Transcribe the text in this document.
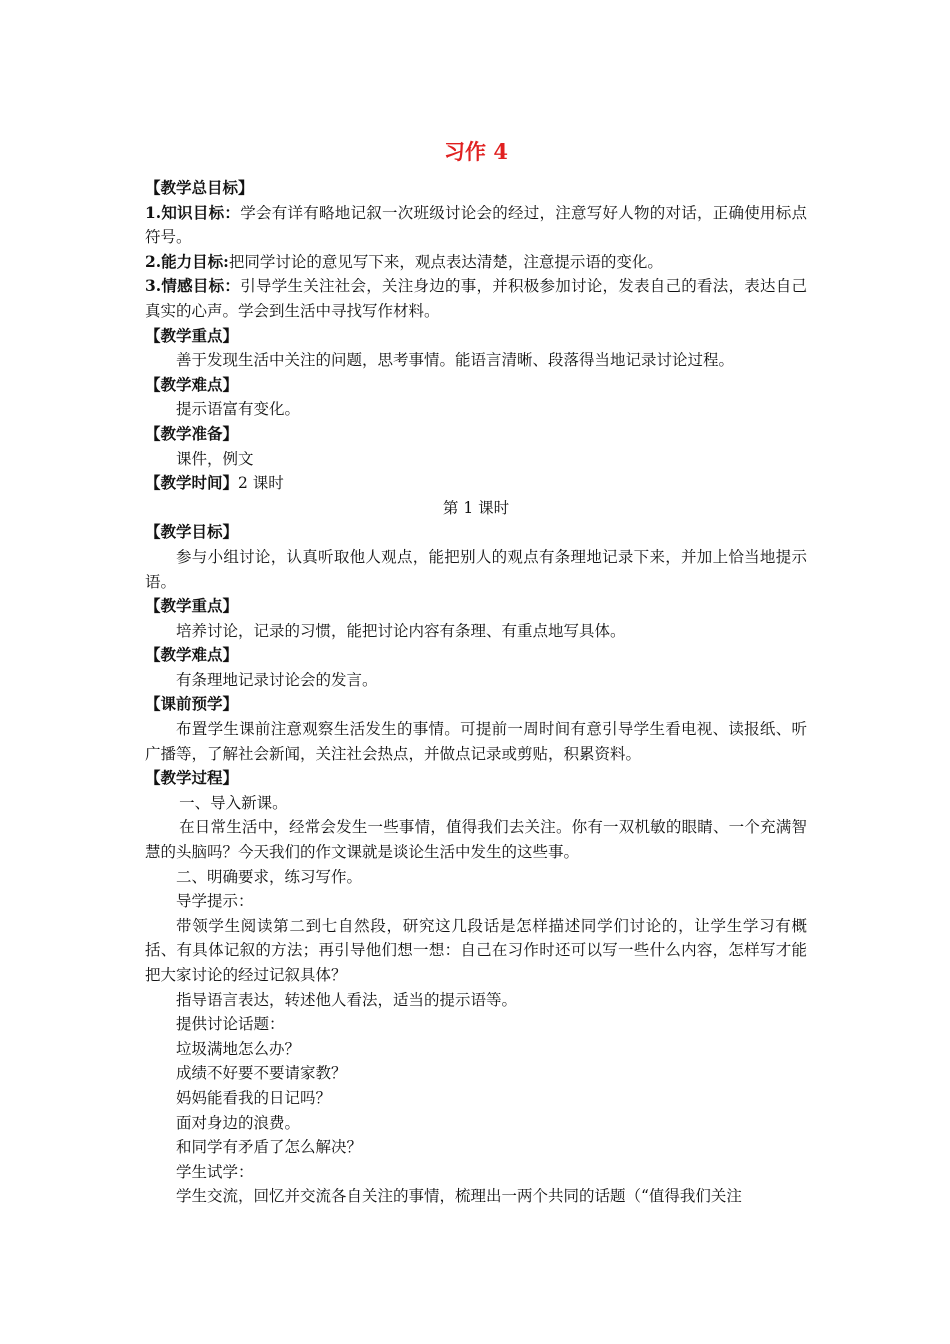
习作 4

【教学总目标】

1.知识目标：学会有详有略地记叙一次班级讨论会的经过，注意写好人物的对话，正确使用标点符号。

2.能力目标:把同学讨论的意见写下来，观点表达清楚，注意提示语的变化。

3.情感目标：引导学生关注社会，关注身边的事，并积极参加讨论，发表自己的看法，表达自己真实的心声。学会到生活中寻找写作材料。

【教学重点】

善于发现生活中关注的问题，思考事情。能语言清晰、段落得当地记录讨论过程。

【教学难点】

提示语富有变化。

【教学准备】

课件，例文

【教学时间】2 课时

第 1 课时

【教学目标】

参与小组讨论，认真听取他人观点，能把别人的观点有条理地记录下来，并加上恰当地提示语。

【教学重点】

培养讨论，记录的习惯，能把讨论内容有条理、有重点地写具体。

【教学难点】

有条理地记录讨论会的发言。

【课前预学】

布置学生课前注意观察生活发生的事情。可提前一周时间有意引导学生看电视、读报纸、听广播等，了解社会新闻，关注社会热点，并做点记录或剪贴，积累资料。

【教学过程】

一、导入新课。

在日常生活中，经常会发生一些事情，值得我们去关注。你有一双机敏的眼睛、一个充满智慧的头脑吗？今天我们的作文课就是谈论生活中发生的这些事。

二、明确要求，练习写作。

导学提示：

带领学生阅读第二到七自然段，研究这几段话是怎样描述同学们讨论的，让学生学习有概括、有具体记叙的方法；再引导他们想一想：自己在习作时还可以写一些什么内容，怎样写才能把大家讨论的经过记叙具体？

指导语言表达，转述他人看法，适当的提示语等。

提供讨论话题：

垃圾满地怎么办？

成绩不好要不要请家教？

妈妈能看我的日记吗？

面对身边的浪费。

和同学有矛盾了怎么解决？

学生试学：

学生交流，回忆并交流各自关注的事情，梳理出一两个共同的话题（“值得我们关注
